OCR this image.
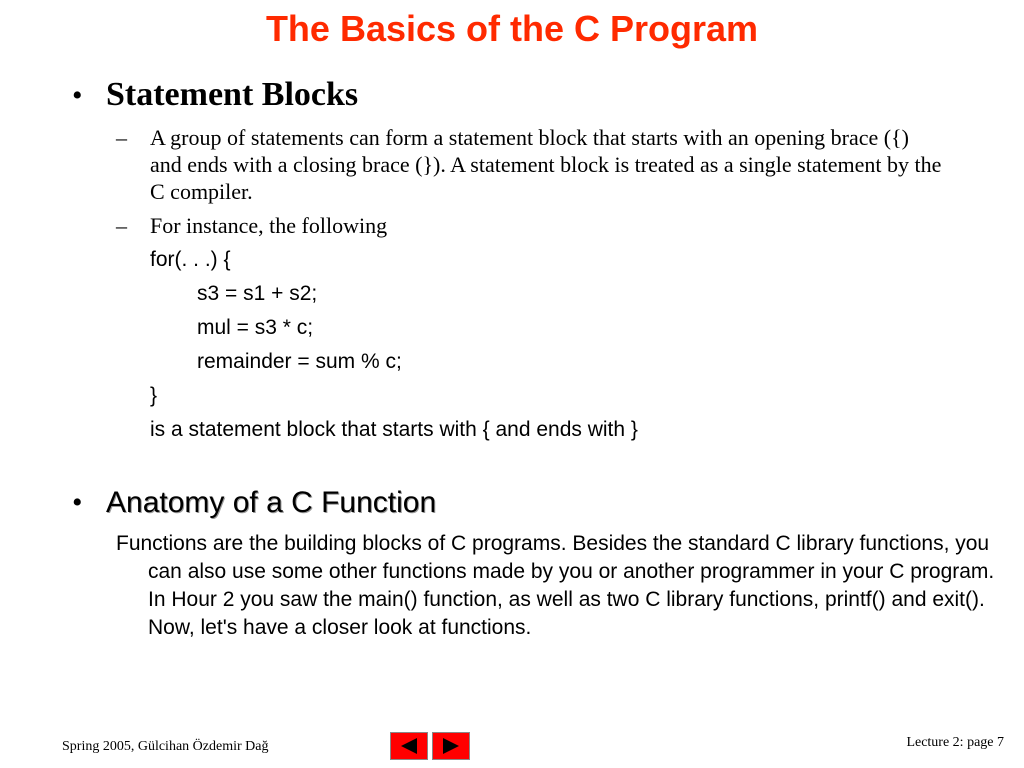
The Basics of the C Program
• Statement Blocks
–	A group of statements can form a statement block that starts with an opening brace ({) and ends with a closing brace (}). A statement block is treated as a single statement by the C compiler.
–	For instance, the following
for(. . .) {
s3 = s1 + s2;
mul = s3 * c;
remainder = sum % c;
}
is a statement block that starts with { and ends with }
• Anatomy of a C Function
Functions are the building blocks of C programs. Besides the standard C library functions, you can also use some other functions made by you or another programmer in your C program. In Hour 2 you saw the main() function, as well as two C library functions, printf() and exit(). Now, let's have a closer look at functions.
Spring 2005, Gülcihan Özdemir Dağ	Lecture 2: page 7
